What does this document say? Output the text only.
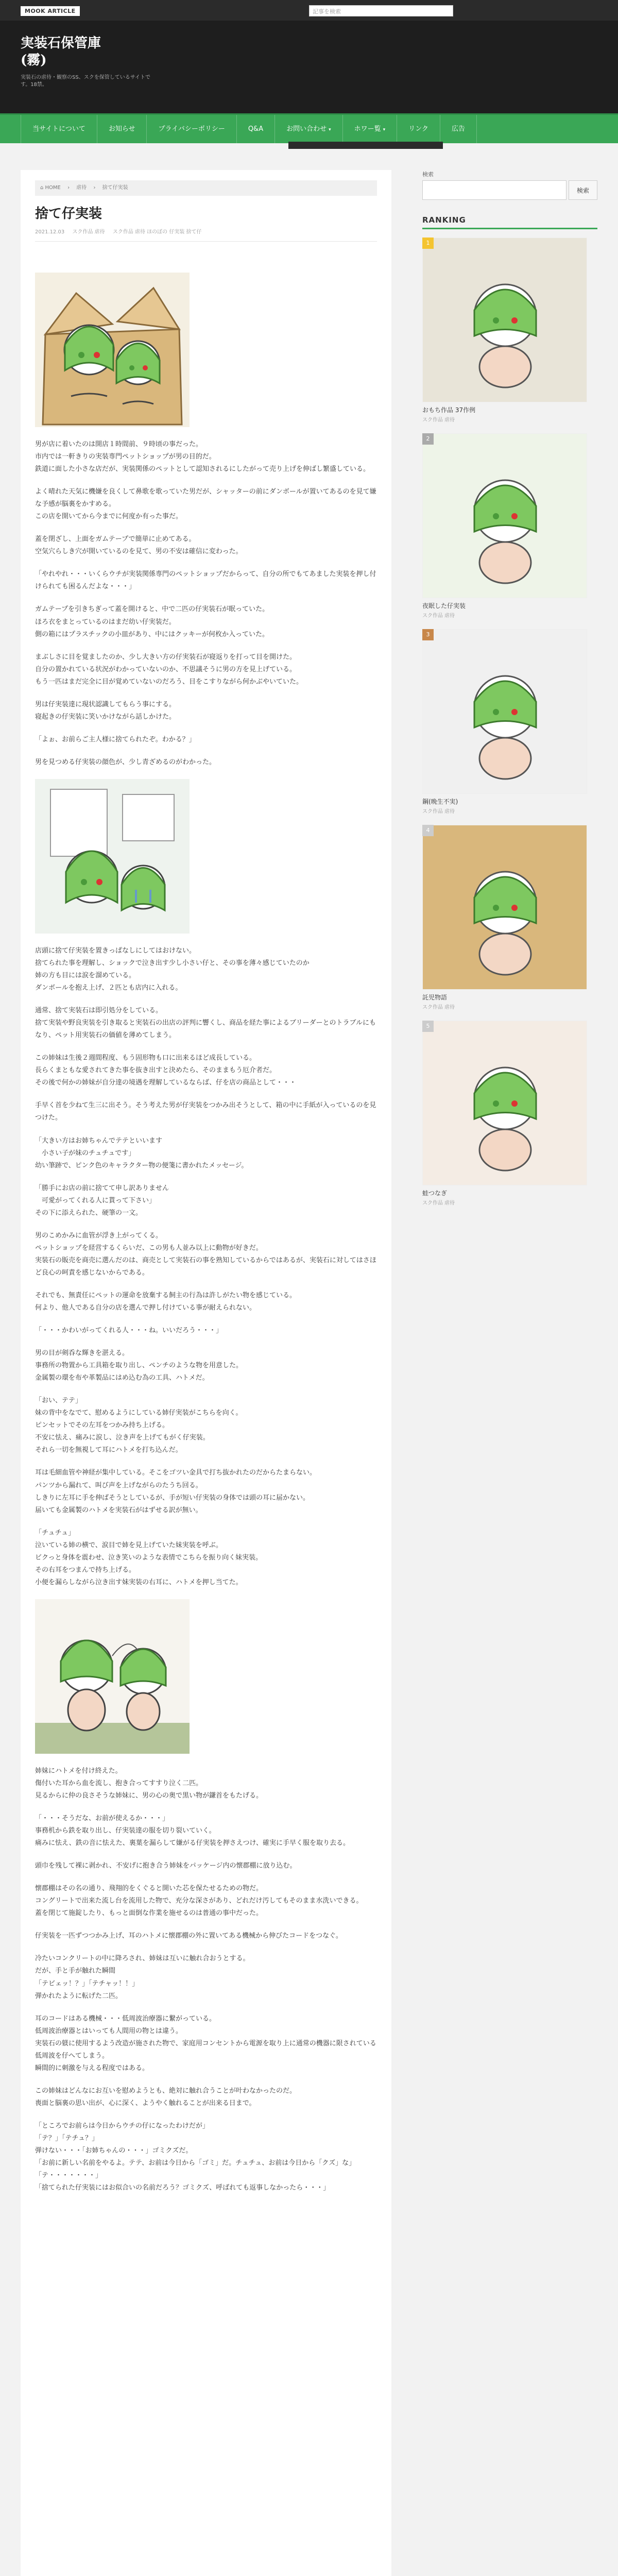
MOOK ARTICLE	記事を検索
実装石保管庫
(霧)
実装石の虐待・観察のSS、スクを保管しているサイトです。18禁。
当サイトについて	お知らせ	プライバシーポリシー	Q&A	お問い合わせ ▾	ホワー覧 ▾	リンク	広告
⌂ HOME › 虐待 › 捨て仔実装
捨て仔実装
2021.12.03 スク作品 虐待 スク作品 虐待 ほのぼの 仔実装 捨て仔

男が店に着いたのは開店１時間前、９時頃の事だった。
市内では一軒きりの実装専門ペットショップが男の目的だ。
鉄道に面した小さな店だが、実装関係のペットとして認知されるにしたがって売り上げを伸ばし繁盛している。

よく晴れた天気に機嫌を良くして鼻歌を歌っていた男だが、シャッターの前にダンボールが置いてあるのを見て嫌な予感が脳裏をかすめる。
この店を開いてから今までに何度か有った事だ。

蓋を閉ざし、上面をガムテープで簡単に止めてある。
空気穴らしき穴が開いているのを見て、男の不安は確信に変わった。

「やれやれ・・・いくらウチが実装関係専門のペットショップだからって、自分の所でもてあました実装を押し付けられても困るんだよな・・・」

ガムテープを引きちぎって蓋を開けると、中で二匹の仔実装石が眠っていた。
ほろ衣をまとっているのはまだ幼い仔実装だ。
側の箱にはプラスチックの小皿があり、中にはクッキーが何枚か入っていた。

まぶしさに目を覚ましたのか、少し大きい方の仔実装石が寝返りを打って目を開けた。
自分の置かれている状況がわかっていないのか、不思議そうに男の方を見上げている。
もう一匹はまだ完全に目が覚めていないのだろう、目をこすりながら何かぶやいていた。

男は仔実装達に現状認識してもらう事にする。
寝起きの仔実装に笑いかけながら話しかけた。

「よぉ、お前らご主人様に捨てられたぞ。わかる？」

男を見つめる仔実装の顔色が、少し青ざめるのがわかった。

店頭に捨て仔実装を置きっぱなしにしてはおけない。
捨てられた事を理解し、ショックで泣き出す少し小さい仔と、その事を薄々感じていたのか
姉の方も目には涙を溜めている。
ダンボールを抱え上げ、２匹とも店内に入れる。

通常、捨て実装石は即引処分をしている。
捨て実装や野良実装を引き取ると実装石の出店の評判に響くし、商品を経た事によるブリーダーとのトラブルにもなり、ペット用実装石の価値を薄めてしまう。

この姉妹は生後２週間程度、もう固形物も口に出来るほど成長している。
長らくまともな愛されてきた事を抜き出すと決めたら、そのままもう厄介者だ。
その後で何かの姉妹が自分達の境遇を理解しているならば、仔を店の商品として・・・

手早く首を少ねて生三に出そう。そう考えた男が仔実装をつかみ出そうとして、箱の中に手紙が入っているのを見つけた。

「大きい方はお姉ちゃんでテテといいます
　小さい子が妹のチュチュです」
幼い筆跡で、ピンク色のキャラクター物の便箋に書かれたメッセージ。

「勝手にお店の前に捨てて申し訳ありません
　可愛がってくれる人に貰って下さい」
その下に添えられた、硬筆の一文。

男のこめかみに血管が浮き上がってくる。
ペットショップを経営するくらいだ、この男も人並み以上に動物が好きだ。
実装石の販売を商売に選んだのは、商売として実装石の事を熟知しているからではあるが、実装石に対してはさほど良心の呵責を感じないからである。

それでも、無責任にペットの運命を放棄する飼主の行為は許しがたい物を感じている。
何より、他人である自分の店を選んで押し付けている事が耐えられない。

「・・・かわいがってくれる人・・・ね。いいだろう・・・」

男の目が剣呑な輝きを湛える。
事務所の物置から工具箱を取り出し、ペンチのような物を用意した。
金属製の環を布や革製品にはめ込む為の工具、ハトメだ。

「おい、テテ」
妹の背中をなでて、慰めるようにしている姉仔実装がこちらを向く。
ピンセットでその左耳をつかみ持ち上げる。
不安に怯え、痛みに涙し、泣き声を上げてもがく仔実装。
それら一切を無視して耳にハトメを打ち込んだ。

耳は毛細血管や神経が集中している。そこをゴツい金具で打ち抜かれたのだからたまらない。
パンツから漏れて、叫び声を上げながらのたうち回る。
しきりに左耳に手を伸ばそうとしているが、手が短い仔実装の身体では頭の耳に届かない。
届いても金属製のハトメを実装石がはずせる訳が無い。

「チュチュ」
泣いている姉の横で、涙目で姉を見上げていた妹実装を呼ぶ。
ビクっと身体を震わせ、泣き笑いのような表情でこちらを振り向く妹実装。
その右耳をつまんで持ち上げる。
小便を漏らしながら泣き出す妹実装の右耳に、ハトメを押し当てた。

姉妹にハトメを付け終えた。
傷付いた耳から血を流し、抱き合ってすすり泣く二匹。
見るからに仲の良さそうな姉妹に、男の心の奥で黒い物が鎌首をもたげる。

「・・・そうだな、お前が使えるか・・・」
事務机から鉄を取り出し、仔実装達の服を切り裂いていく。
痛みに怯え、鉄の音に怯えた、裏葉を漏らして嫌がる仔実装を押さえつけ、確実に手早く服を取り去る。

頭巾を残して裸に剥かれ、不安げに抱き合う姉妹をパッケージ内の懐郡棚に放り込む。

懐郡棚はその名の通り、飛翔的をくぐると開いた芯を保たせるための物だ。
コングリートで出来た流し台を流用した物で、充分な深さがあり、どれだけ汚してもそのまま水洗いできる。
蓋を閉じて施錠したり、もっと面倒な作業を施せるのは普通の事中だった。

仔実装を一匹ずつつかみ上げ、耳のハトメに懐郡棚の外に置いてある機械から伸びたコードをつなぐ。

冷たいコンクリートの中に降ろされ、姉妹は互いに触れ合おうとする。
だが、手と手が触れた瞬間
「テビェッ！？」「テチャッ！！」
弾かれたように転げた二匹。

耳のコードはある機械・・・低周波治療器に繋がっている。
低周波治療器とはいっても人間用の物とは違う。
実装石の躾に使用するよう改造が施された物で、家庭用コンセントから電源を取り上に通常の機器に限されている低周波を仔へてしまう。
瞬間的に刺激を与える程度ではある。

この姉妹はどんなにお互いを慰めようとも、絶対に触れ合うことが叶わなかったのだ。
喪面と脳裏の思い出が、心に深く、ようやく触れることが出来る日まで。

「ところでお前らは今日からウチの仔になったわけだが」
「テ？」「テチュ？」
弾けない・・・「お姉ちゃんの・・・」ゴミクズだ。
「お前に新しい名前をやるよ。テテ、お前は今日から「ゴミ」だ。チュチュ、お前は今日から「クズ」な」
「テ・・・・・・・」
「捨てられた仔実装にはお似合いの名前だろう？ゴミクズ、呼ばれても返事しなかったら・・・」

検索
検索
RANKING
1
おもち作品 37作例
スク作品 虐待
2
夜眠した仔実装
スク作品 虐待
3
鋼(晩生不実)
スク作品 虐待
4
託児物語
スク作品 虐待
5
蛙つなぎ
スク作品 虐待
